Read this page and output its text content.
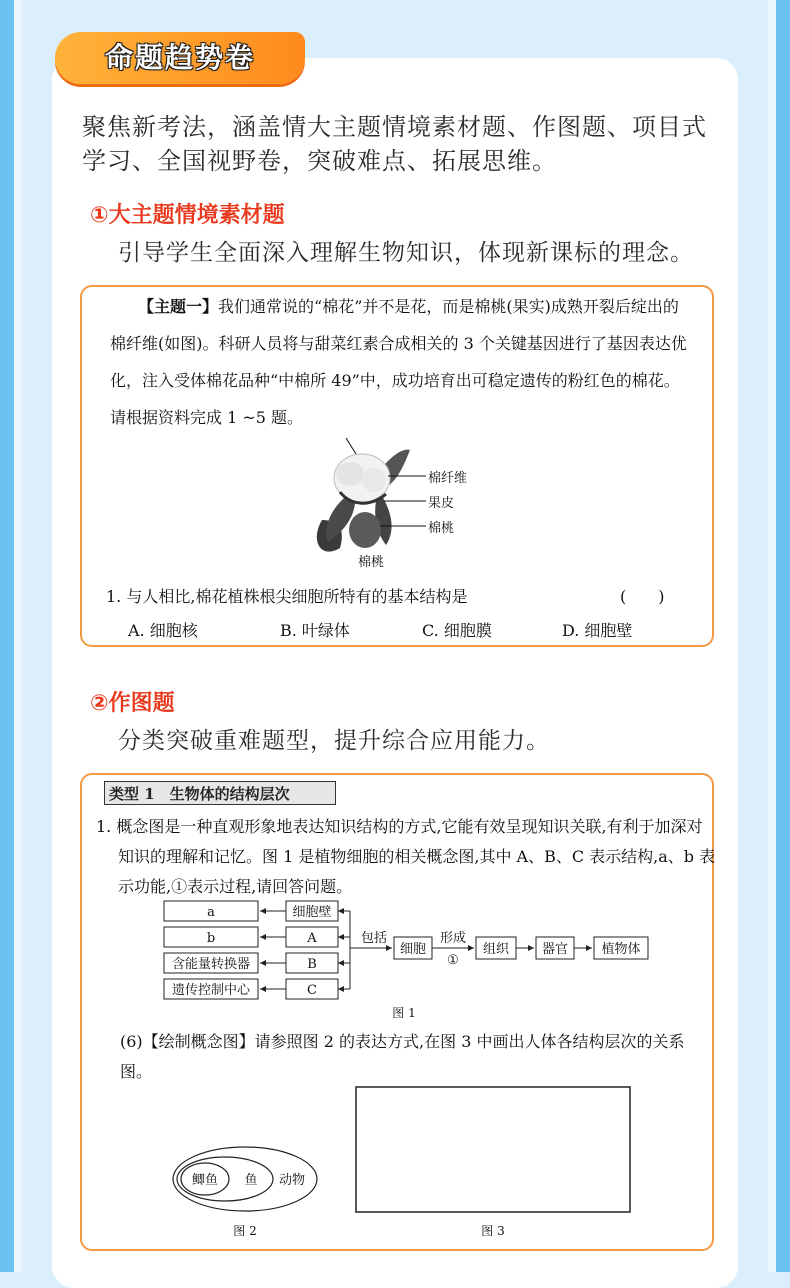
命题趋势卷
聚焦新考法，涵盖情大主题情境素材题、作图题、项目式学习、全国视野卷，突破难点、拓展思维。
①大主题情境素材题
引导学生全面深入理解生物知识，体现新课标的理念。
【主题一】我们通常说的“棉花”并不是花，而是棉桃(果实)成熟开裂后绽出的棉纤维(如图)。科研人员将与甜菜红素合成相关的 3 个关键基因进行了基因表达优化，注入受体棉花品种“中棉所 49”中，成功培育出可稳定遗传的粉红色的棉花。请根据资料完成 1 ~5 题。
棉纤维
果皮
棉桃
棉桃
1. 与人相比,棉花植株根尖细胞所特有的基本结构是	(　　)
A. 细胞核	B. 叶绿体	C. 细胞膜	D. 细胞壁
②作图题
分类突破重难题型，提升综合应用能力。
类型 1　生物体的结构层次
1. 概念图是一种直观形象地表达知识结构的方式,它能有效呈现知识关联,有利于加深对知识的理解和记忆。图 1 是植物细胞的相关概念图,其中 A、B、C 表示结构,a、b 表示功能,①表示过程,请回答问题。
a
b
含能量转换器
遗传控制中心
细胞壁
A
B
C
包括
细胞
形成
①
组织	器官	植物体
图 1
(6)【绘制概念图】请参照图 2 的表达方式,在图 3 中画出人体各结构层次的关系图。
鲫鱼 鱼 动物
图 2	图 3
